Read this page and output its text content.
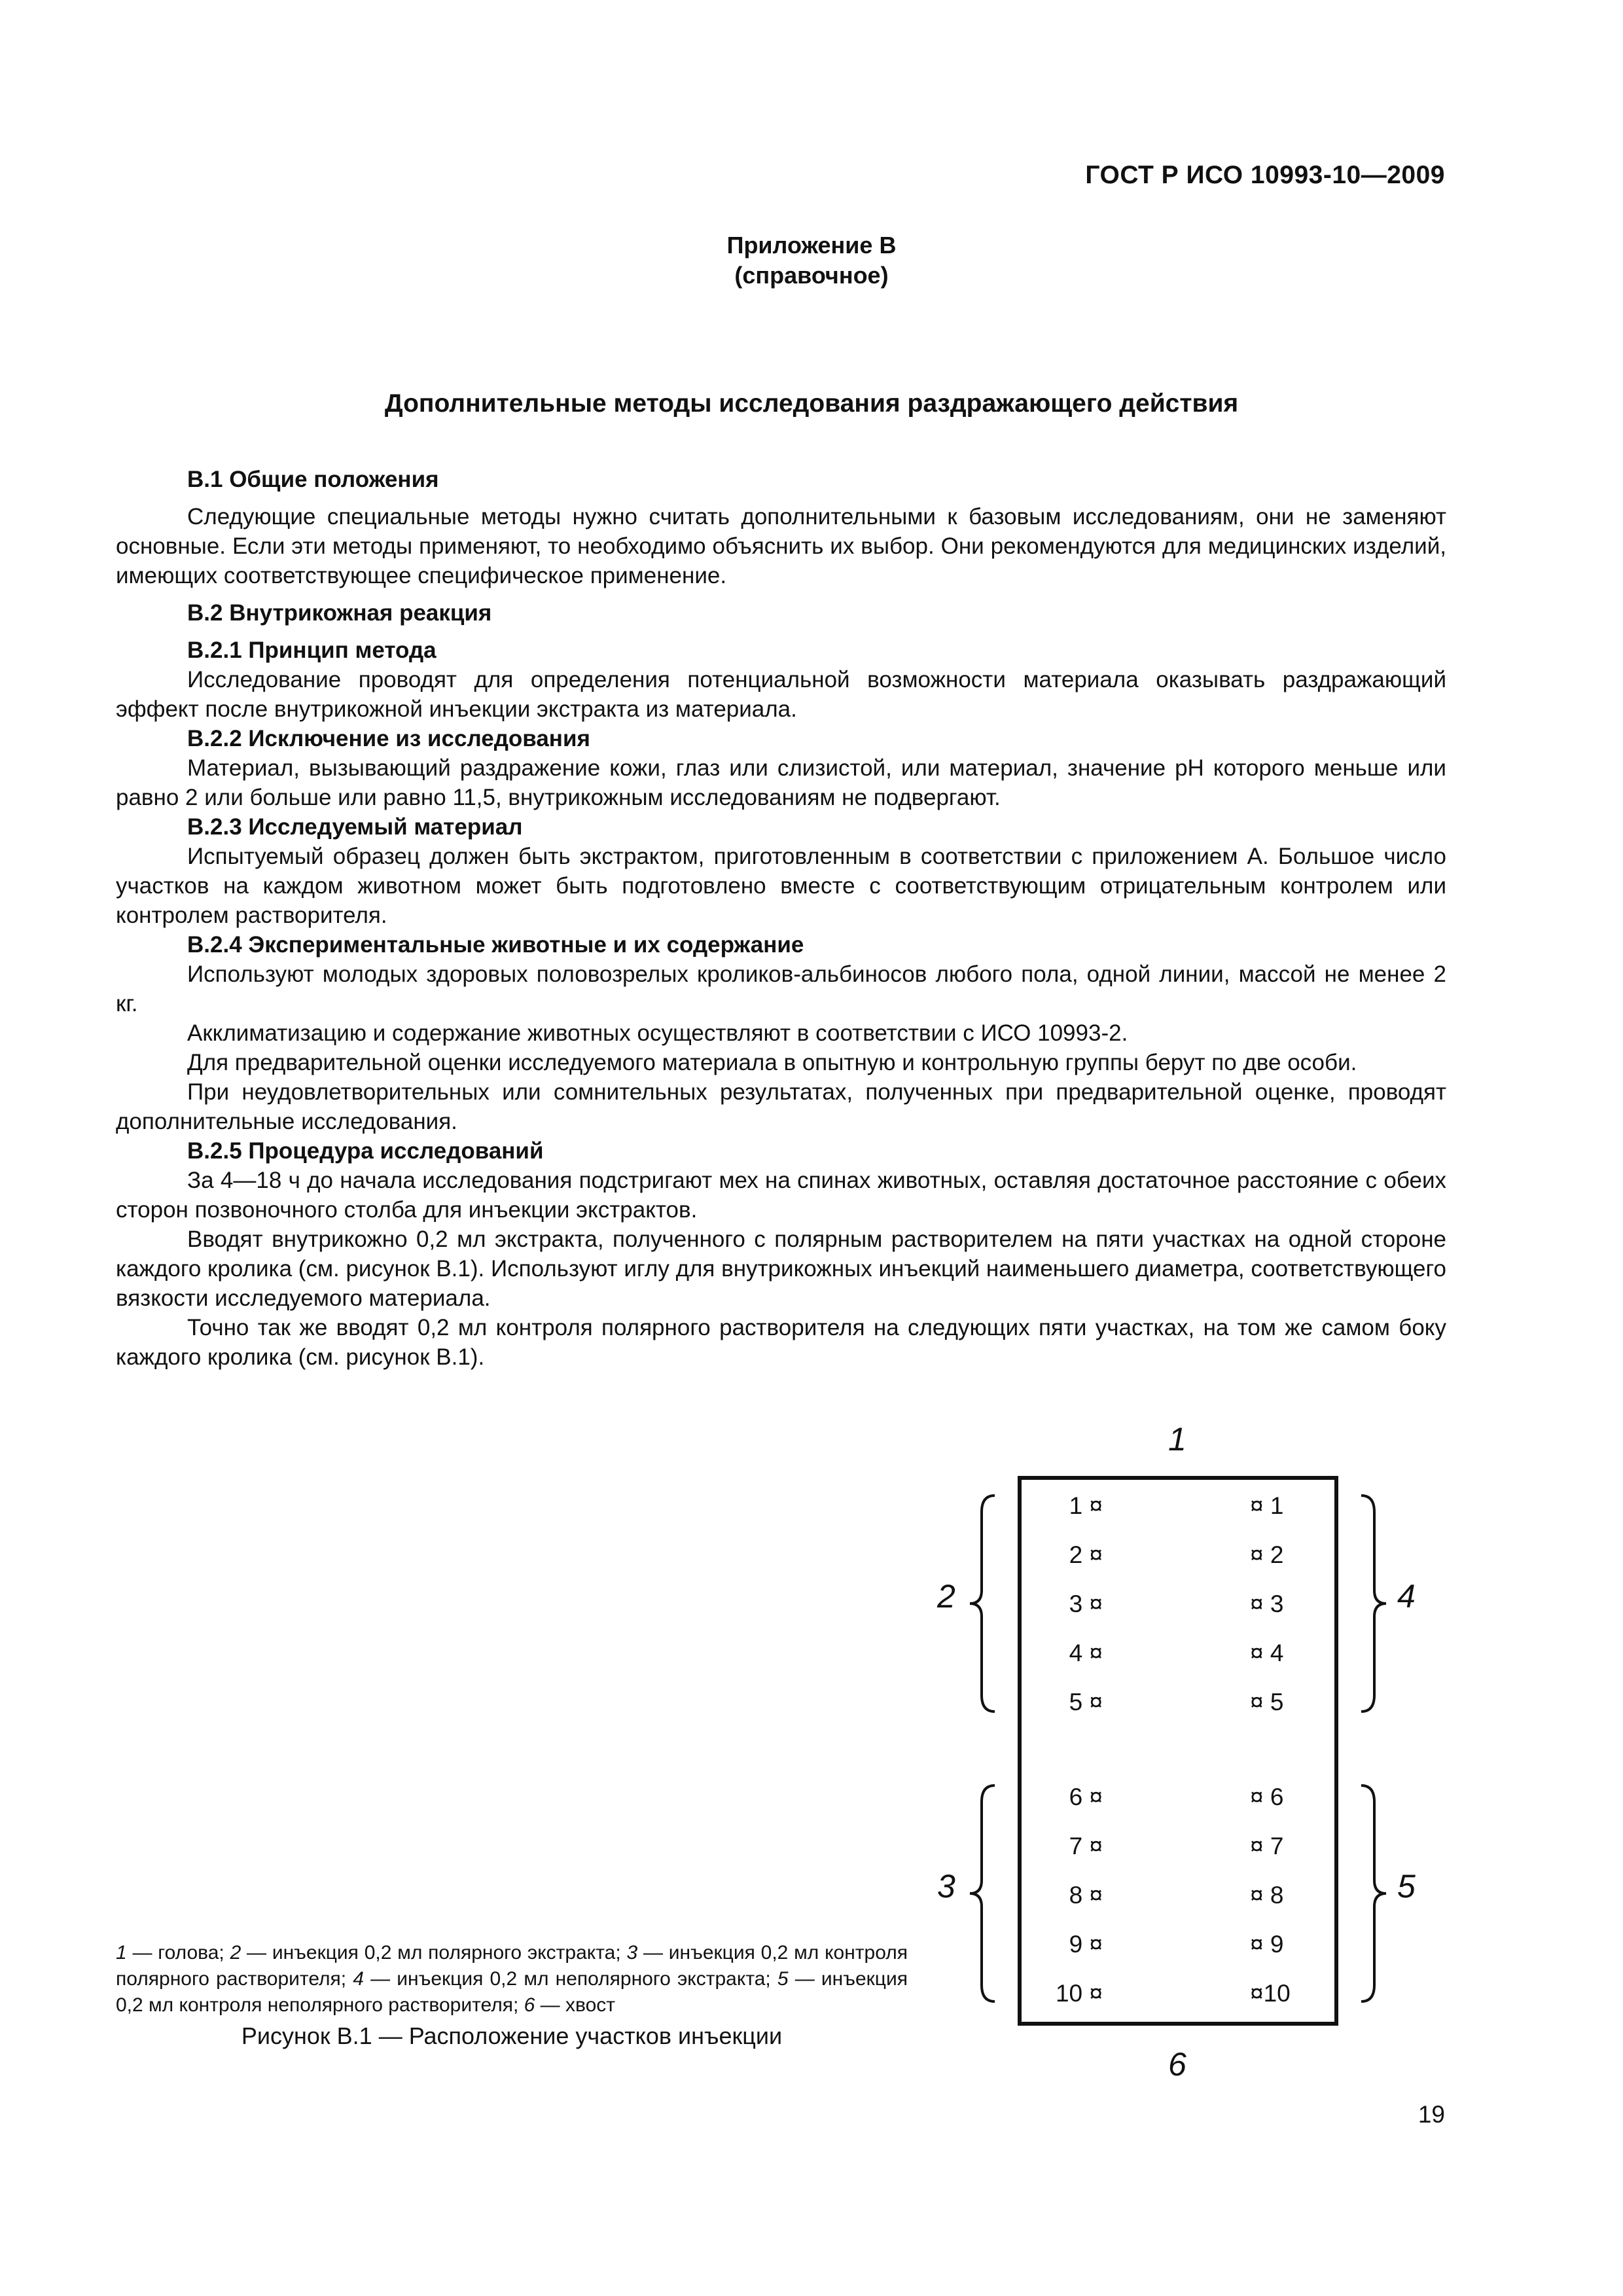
ГОСТ Р ИСО 10993-10—2009
Приложение В
(справочное)
Дополнительные методы исследования раздражающего действия
В.1 Общие положения

Следующие специальные методы нужно считать дополнительными к базовым исследованиям, они не заменяют основные. Если эти методы применяют, то необходимо объяснить их выбор. Они рекомендуются для медицинских изделий, имеющих соответствующее специфическое применение.

В.2 Внутрикожная реакция
В.2.1 Принцип метода

Исследование проводят для определения потенциальной возможности материала оказывать раздражающий эффект после внутрикожной инъекции экстракта из материала.

В.2.2 Исключение из исследования

Материал, вызывающий раздражение кожи, глаз или слизистой, или материал, значение pH которого меньше или равно 2 или больше или равно 11,5, внутрикожным исследованиям не подвергают.

В.2.3 Исследуемый материал

Испытуемый образец должен быть экстрактом, приготовленным в соответствии с приложением А. Большое число участков на каждом животном может быть подготовлено вместе с соответствующим отрицательным контролем или контролем растворителя.

В.2.4 Экспериментальные животные и их содержание

Используют молодых здоровых половозрелых кроликов-альбиносов любого пола, одной линии, массой не менее 2 кг.

Акклиматизацию и содержание животных осуществляют в соответствии с ИСО 10993-2.

Для предварительной оценки исследуемого материала в опытную и контрольную группы берут по две особи.

При неудовлетворительных или сомнительных результатах, полученных при предварительной оценке, проводят дополнительные исследования.

В.2.5 Процедура исследований

За 4—18 ч до начала исследования подстригают мех на спинах животных, оставляя достаточное расстояние с обеих сторон позвоночного столба для инъекции экстрактов.

Вводят внутрикожно 0,2 мл экстракта, полученного с полярным растворителем на пяти участках на одной стороне каждого кролика (см. рисунок В.1). Используют иглу для внутрикожных инъекций наименьшего диаметра, соответствующего вязкости исследуемого материала.

Точно так же вводят 0,2 мл контроля полярного растворителя на следующих пяти участках, на том же самом боку каждого кролика (см. рисунок В.1).

1
6
2
3
4
5
1 ¤
2 ¤
3 ¤
4 ¤
5 ¤
6 ¤
7 ¤
8 ¤
9 ¤
10 ¤
¤ 1
¤ 2
¤ 3
¤ 4
¤ 5
¤ 6
¤ 7
¤ 8
¤ 9
¤10
1 — голова; 2 — инъекция 0,2 мл полярного экстракта; 3 — инъекция 0,2 мл контроля полярного растворителя; 4 — инъекция 0,2 мл неполярного экстракта; 5 — инъекция 0,2 мл контроля неполярного растворителя; 6 — хвост
Рисунок В.1 — Расположение участков инъекции
19
